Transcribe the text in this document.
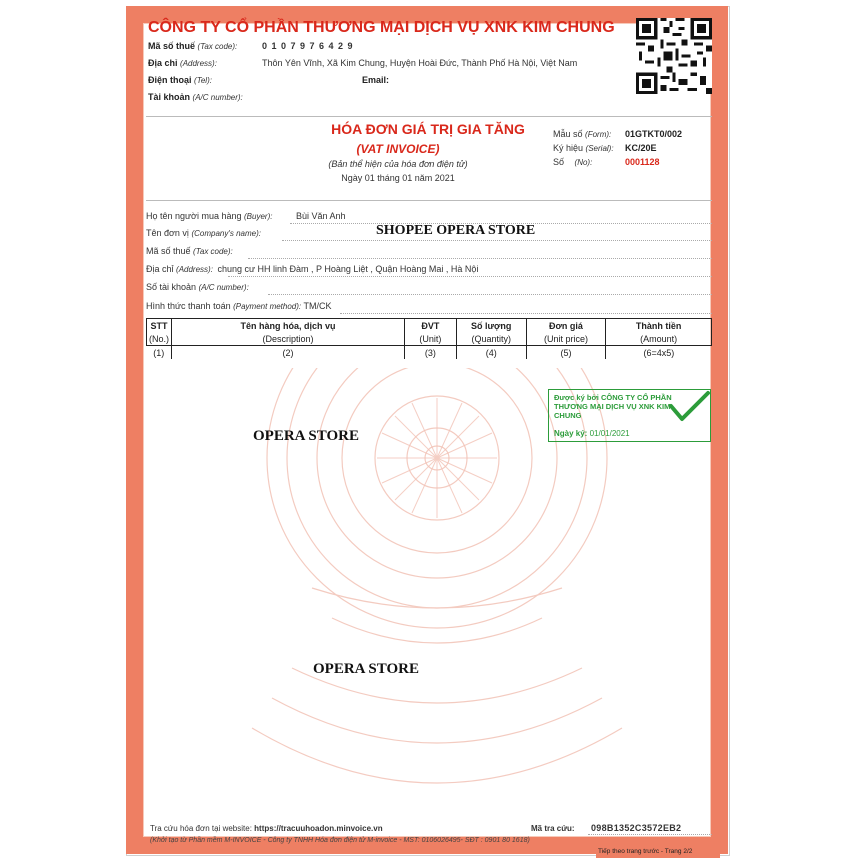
CÔNG TY CỔ PHẦN THƯƠNG MẠI DỊCH VỤ XNK KIM CHUNG
Mã số thuế (Tax code):	0 1 0 7 9 7 6 4 2 9
Địa chỉ (Address):	Thôn Yên Vĩnh, Xã Kim Chung, Huyện Hoài Đức, Thành Phố Hà Nội, Việt Nam
Điện thoại (Tel):	Email:
Tài khoản (A/C number):
HÓA ĐƠN GIÁ TRỊ GIA TĂNG
(VAT INVOICE)
(Bản thể hiện của hóa đơn điện tử)
Ngày 01 tháng 01 năm 2021
Mẫu số (Form): 01GTKT0/002
Ký hiệu (Serial): KC/20E
Số (No):	0001128
Họ tên người mua hàng (Buyer):	Bùi Văn Anh
Tên đơn vị (Company's name):	SHOPEE OPERA STORE
Mã số thuế (Tax code):
Địa chỉ (Address): chung cư HH linh Đàm , P Hoàng Liệt , Quận Hoàng Mai , Hà Nội
Số tài khoản (A/C number):
Hình thức thanh toán (Payment method): TM/CK
STT	Tên hàng hóa, dịch vụ	ĐVT	Số lượng	Đơn giá	Thành tiền
(No.)	(Description)	(Unit)	(Quantity)	(Unit price)	(Amount)
(1)	(2)	(3)	(4)	(5)	(6=4x5)
Được ký bởi CÔNG TY CỔ PHẦN
THƯƠNG MẠI DỊCH VỤ XNK KIM
CHUNG
Ngày ký: 01/01/2021
OPERA STORE
OPERA STORE
Tra cứu hóa đơn tại website: https://tracuuhoadon.minvoice.vn	Mã tra cứu: 098B1352C3572EB2
(Khởi tạo từ Phần mềm M-INVOICE - Công ty TNHH Hóa đơn điện tử M-invoice - MST: 0106026495- SĐT : 0901 80 1618)
Tiếp theo trang trước - Trang 2/2
